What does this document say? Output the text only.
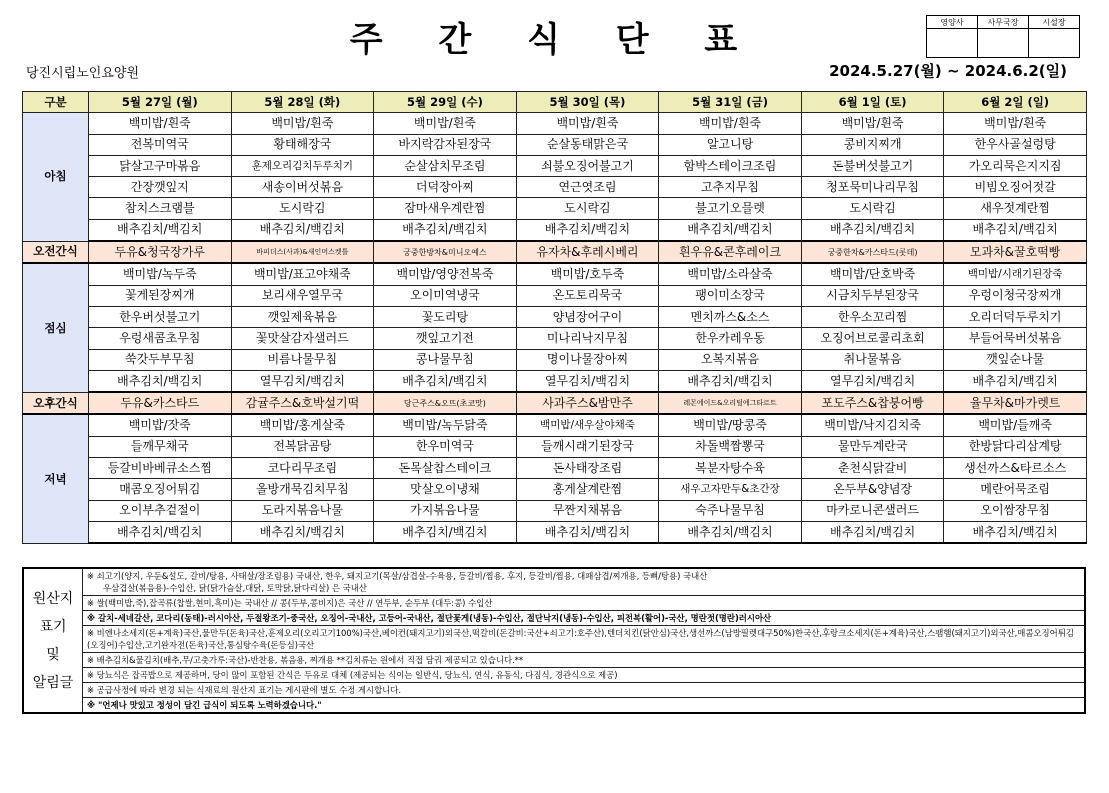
주 간 식 단 표	영양사	사무국장	시설장

당진시립노인요양원	2024.5.27(월) ~ 2024.6.2(일)
구분	5월 27일 (월)	5월 28일 (화)	5월 29일 (수)	5월 30일 (목)	5월 31일 (금)	6월 1일 (토)	6월 2일 (일)
아침	백미밥/흰죽	백미밥/흰죽	백미밥/흰죽	백미밥/흰죽	백미밥/흰죽	백미밥/흰죽	백미밥/흰죽
	전복미역국	황태해장국	바지락감자된장국	순살동태맑은국	알고니탕	콩비지찌개	한우사골설렁탕
	닭살고구마볶음	훈제오리김치두루치기	순살삼치무조림	쇠불오징어불고기	함박스테이크조림	돈불버섯불고기	가오리묵은지지짐
	간장깻잎지	새송이버섯볶음	더덕장아찌	연근엿조림	고추지무침	청포묵미나리무침	비빔오징어젓갈
	참치스크램블	도시락김	잠마새우계란찜	도시락김	불고기오믈렛	도시락김	새우젓계란찜
	배추김치/백김치	배추김치/백김치	배추김치/백김치	배추김치/백김치	배추김치/백김치	배추김치/백김치	배추김치/백김치
오전간식	두유&청국장가루	바피더스(사과)&새인머스켓틀	궁중한방차&미니오예스	유자차&후레시베리	흰우유&콘후레이크	궁중한차&카스타드(롯데)	모과차&꿀호떡빵
점심	백미밥/녹두죽	백미밥/표고야채죽	백미밥/영양전복죽	백미밥/호두죽	백미밥/소라살죽	백미밥/단호박죽	백미밥/시래기된장죽
	꽃게된장찌개	보리새우열무국	오이미역냉국	온도토리묵국	팽이미소장국	시금치두부된장국	우렁이청국장찌개
	한우버섯불고기	깻잎제육볶음	꽃도리탕	양념장어구이	멘치까스&소스	한우소꼬리찜	오리더덕두루치기
	우렁새콤초무침	꽃맛살감자샐러드	깻잎고기전	미나리낙지무침	한우카레우동	오징어브로콜리초회	부들어묵버섯볶음
	쑥갓두부무침	비름나물무침	콩나물무침	명이나물장아찌	오복지볶음	취나물볶음	깻잎순나물
	배추김치/백김치	열무김치/백김치	배추김치/백김치	열무김치/백김치	배추김치/백김치	열무김치/백김치	배추김치/백김치
오후간식	두유&카스타드	감귤주스&호박설기떡	당근주스&오뜨(초코맛)	사과주스&밤만주	레몬에이드&오리털에그타르트	포도주스&찹붕어빵	율무차&마가렛트
저녁	백미밥/잣죽	백미밥/홍게살죽	백미밥/녹두닭죽	백미밥/새우살야채죽	백미밥/땅콩죽	백미밥/낙지김치죽	백미밥/들깨죽
	들깨무채국	전복닭곰탕	한우미역국	들깨시래기된장국	차돌백짬뽕국	물만두계란국	한방닭다리삼계탕
	등갈비바베큐소스찜	코다리무조림	돈목살찹스테이크	돈사태장조림	복분자탕수육	춘천식닭갈비	생선까스&타르소스
	매콤오징어튀김	올방개묵김치무침	맛살오이냉채	홍게살계란찜	새우고자만두&초간장	온두부&양념장	메란어묵조림
	오이부추겉절이	도라지볶음나물	가지볶음나물	무짠지채볶음	숙주나물무침	마카로니콘샐러드	오이쌈장무침
	배추김치/백김치	배추김치/백김치	배추김치/백김치	배추김치/백김치	배추김치/백김치	배추김치/백김치	배추김치/백김치
원산지
표기
및
알림글

※ 쇠고기(양지, 우둔&설도, 갈비/탕용, 사태살/장조림용) 국내산, 한우, 돼지고기(목살/삼겹살-수육용, 등갈비/찜용, 후지, 등갈비/찜용, 대패삼겹/찌개용, 등뼈/탕용) 국내산
우삼겹살(볶음용)-수입산, 닭(닭가슴살,대닭, 토막닭,닭다리살) 은 국내산

※ 쌀(백미밥,죽),잡곡류(찹쌀,현미,흑미)는 국내산 // 콩(두부,콩비지)은 국산 // 연두부, 순두부 (대두:콩) 수입산
※ 갈치-세네갈산, 코다리(동태)-러시아산, 두절왕조기-중국산, 오징어-국내산, 고등어-국내산, 절단꽃게(냉동)-수입산, 절단낙지(냉동)-수입산, 피전복(활어)-국산, 명란젓(명란)러시아산
※ 비엔나소세지(돈+계육)국산,물만두(돈육)국산,훈제오리(오리고기100%)국산,베이컨(돼지고기)외국산,떡갈비(돈갈비:국산+쇠고기:호주산),텐더치킨(닭안심)국산,생선까스(남방필렛대구50%)한국산,후랑크소세지(돈+계육)국산,스팸햄(돼지고기)외국산,매콤오징어튀김(오징어)수입산,고기완자전(돈육)국산,통심탕수육(돈등심)국산
※ 배추김치&물김치(배추,무/고춧가루:국산)-반찬용, 볶음용, 찌개용 **김치류는 원에서 직접 담궈 제공되고 있습니다.**
※ 당뇨식은 잡곡밥으로 제공하며, 당이 많이 포함된 간식은 두유로 대체 (제공되는 식이는 일반식, 당뇨식, 연식, 유동식, 다짐식, 경관식으로 제공)
※ 공급사정에 따라 변경 되는 식재료의 원산지 표기는 게시판에 별도 수정 게시합니다.
※ "언제나 맛있고 정성이 담긴 급식이 되도록 노력하겠습니다."
